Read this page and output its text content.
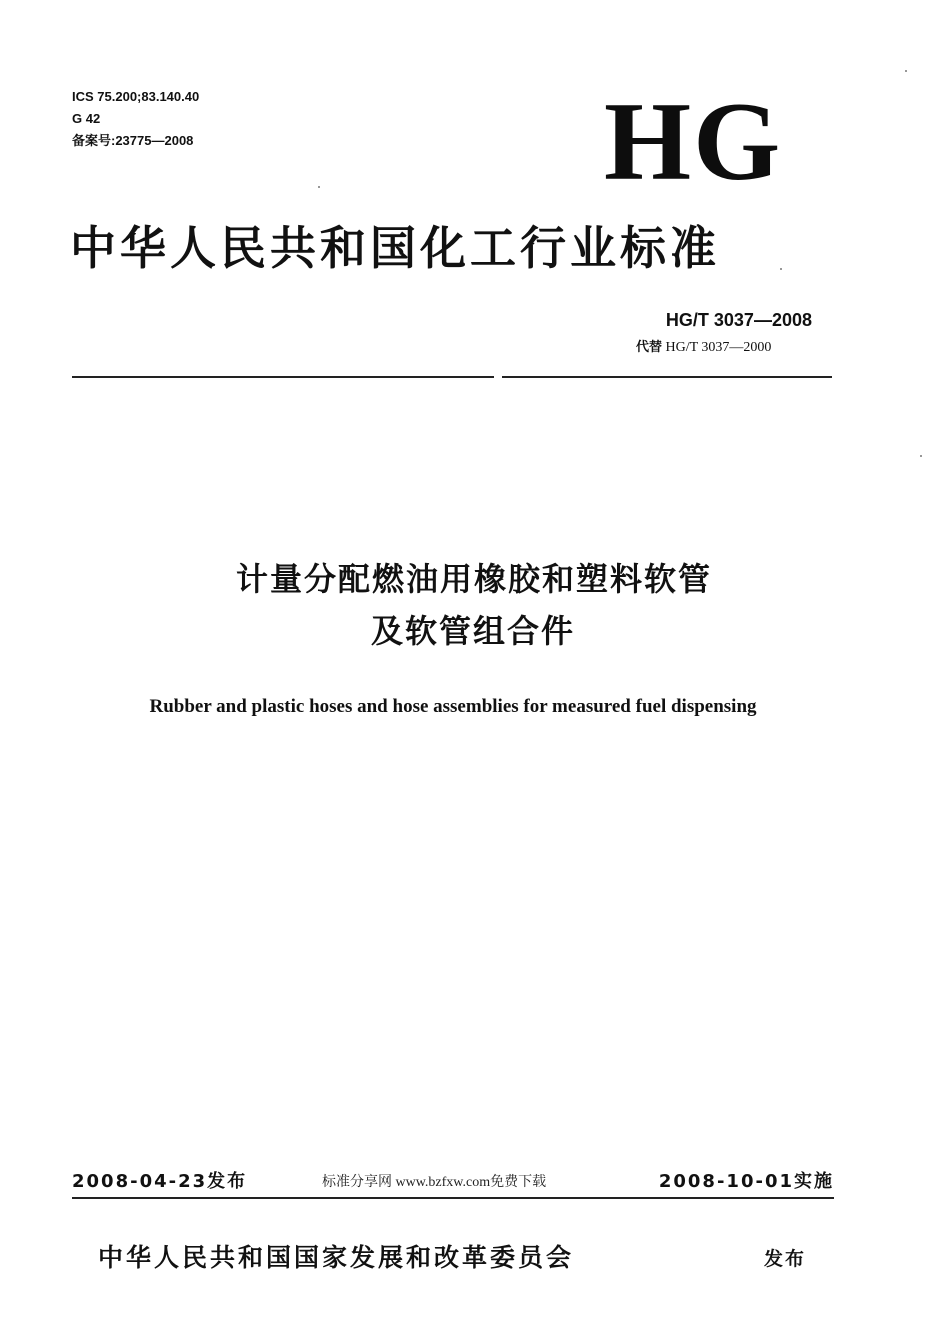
ICS 75.200;83.140.40
G 42
备案号:23775—2008	HG
中华人民共和国化工行业标准
HG/T 3037—2008
代替 HG/T 3037—2000
计量分配燃油用橡胶和塑料软管
及软管组合件
Rubber and plastic hoses and hose assemblies for measured fuel dispensing
2008-04-23发布	标准分享网 www.bzfxw.com免费下载	2008-10-01实施
中华人民共和国国家发展和改革委员会	发布
